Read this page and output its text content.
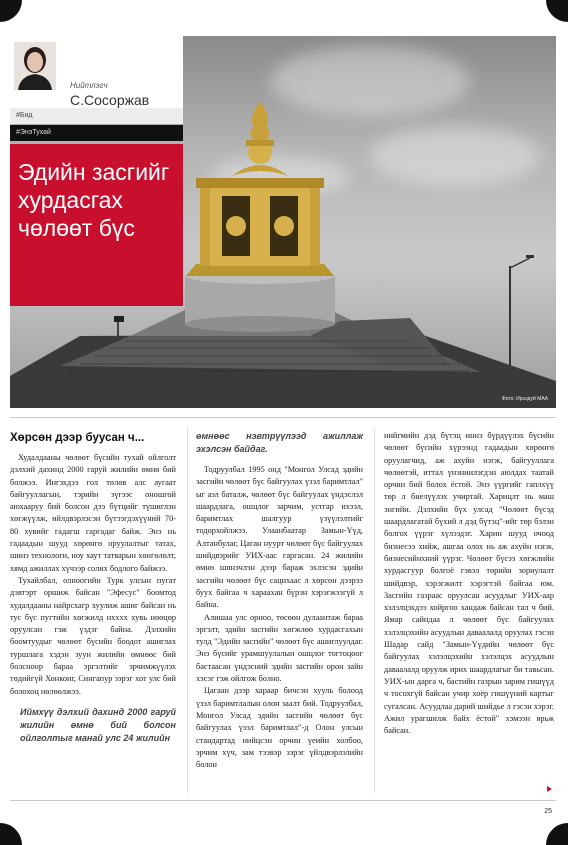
Фото: Ирээдүй МАА
Нийтлэгч
С.Сосоржав
#Бид
#ЭнэТухай
Эдийн засгийг хурдасгах чөлөөт бүс
Хөрсөн дээр буусан ч...

Худалдааны чөлөөт бүсийн тухай ойлголт дэлхий дахинд 2000 гаруй жилийн өмнө бий болжээ. Ингэхдээ гол төлөв алс аугаат байгууллагын, тэрийн зүгээс оношгой аюхааруу бий болсон дээ бүтцийг түшиглэн хөгжүүлж, ийлдвэрлэсэн бүтээгдэхүүний 70-80 хувийг гадагш гаргадаг байж. Энэ нь гадаадын шууд хөрөнгө оруулалтыг татах, шинэ технологи, ноу хаут татварын хөнгөлөлт, хямд ажиллах хүчээр солих бодлого байжээ.

Тухайлбал, олноогийн Турк улсын пугат дэвтэрт оршиж байсан "Эфесус" боомтод худалдааны найрсхагр хуулиж ашиг байсан нь тус бүс пугтийн хөгжилд нхххх хувь нөөцөр оруулсан гэж үздэг байна. Дэлхийн боомтуудыг чөлөөт бүсийн боодот ашиглах туршлага хэдэн зуун жилийн өмнөөс бий болсноор бараа эргэлтийг эрчимжүүлэх төдийгүй Хонконг, Сингапур зэрэг хот улс бий болохоц нөлөөлжээ.

Иймхүү дэлхий дахинд 2000 гаруй жилийн өмнө бий болсон ойлголтыг манай улс 24 жилийн
өмнөөс нэвтрүүлээд ажиллаж эхэлсэн байдаг.

Тодруулбал 1995 онд "Монгол Улсад эдийн засгийн чөлөөт бүс байгуулах үзэл баримтлал" ыг аэл баталж, чөлөөт бүс байгуулах үндэслэл шаардлага, ошцлог зарчим, устгар ихээл, баримтлах шалгуур үзүүлэлтийг тодорхойлжээ. Улаанбаатар Замын-Үүд, Алтанбулаг, Цаган нуурт чөлөөт бүс байгуулах шийдвэрийг УИХ-аас гаргасан. 24 жилийн өмнө шинэчлэн дээр бараж эхлэсэн эдийн засгийн чөлөөт бүс сацихаас л хөрсөн дээрээ буух байгаа ч хараахан бүрэн хэрэгжээгүй л байна.

Алишаа улс орноо, төсөөн дулаантаж бараа эргэлт, эдийн засгийн хөгжлөө хурдасгахын тулд "Эдийн засгийн" чөлөөт бүс ашиглуулдаг. Энэ бүсийг урамшуулалын ошцлог тогтоцоог бастаасан үндэсний эдийн засгийн орон зайн хэсэг гэж ойлгож болно.

Цагаан дээр хараар бичсэн хууль болоод үзэл баримтлалын олон заалт бий. Тодруулбал, Монгол Улсад эдийн засгийн чөлөөт бүс байгуулах үзэл баримтлал"-д Олон улсын стандартад нийцсэн орчин үеийн холбоо, эрчим хүч, зам тээвэр зэрэг үйлдвэрлэлийн болон

нийгмийн дэд бүтэц иннэ бүрдүүлэх бүсийн чөлөөт бүсийн хүрээнд гадаадын хөрөнгө оруулагчид, аж ахуйн нэгж, байгууллага чөлөөтэй, иттал үнэниилэгдэн аюлдах таатай орчин бий болох ёстой. Энэ үүргийг гаплхүү төр л биелүүлэх учиртай. Харицлт нь маш энгийн. Дэлхийн бүх улсад "Чөлөөт бүсэд шаардлагатай бүхий л дэд бүтэц"-ийг төр бэлэн болгох үүрэг хүлээдэг. Харин шууд очоод бизнесээ хийж, ашгаа олох нь аж ахуйн нэгж, бизнесийнхний үүрэг. Чөлөөт бүсээ хөгжлийн хурдасгуур болгоё гэвэл төрийн зориулалт шийдвэр, хэрэгжилт хэрэгтэй байгаа юм. Засгийн газраас оруулсан асуудлыг УИХ-аар хэлэлцэхдээ хойргоо хандаж байсан тал ч бий. Ямар сайндаа л чөлөөт бүс байгуулах хэлэлцэхийн асуудлын даваалалд оруулах гэсэн Шадар сайд "Замын-Үүдийн чөлөөт бүс байгуулах хэлэлцэхийн хэлэлцэх асуудлын даваалалд оруулж ирих шаардлагыг би тавьсан. УИХ-ын дарга ч, бастийн газрын зарим гишүүд ч тосохгүй байсан учир хоёр гишүүний картыг сугалсан. Асуудлаа дарий шийдье л гэсэн хэрэг. Ажил урагшилж байх ёстой" хэмээн ярьж байсан.

25
